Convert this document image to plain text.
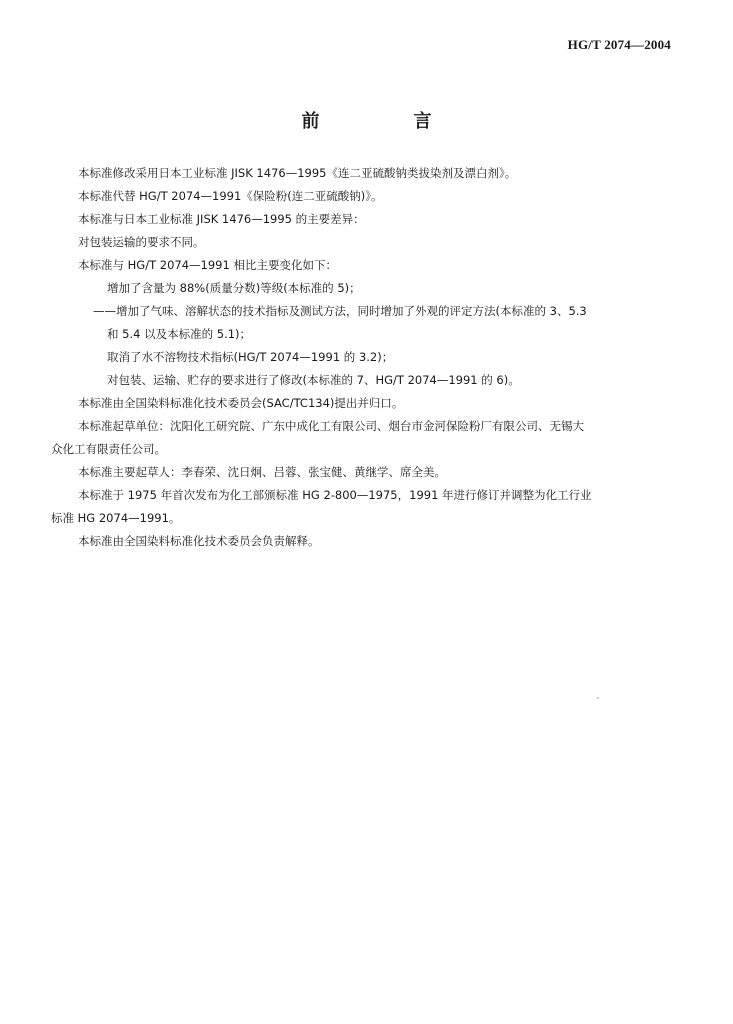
HG/T 2074—2004
前　言
本标准修改采用日本工业标准 JISK 1476—1995《连二亚硫酸钠类拔染剂及漂白剂》。
本标准代替 HG/T 2074—1991《保险粉(连二亚硫酸钠)》。
本标准与日本工业标准 JISK 1476—1995 的主要差异：
对包装运输的要求不同。
本标准与 HG/T 2074—1991 相比主要变化如下：
增加了含量为 88%(质量分数)等级(本标准的 5)；
——增加了气味、溶解状态的技术指标及测试方法，同时增加了外观的评定方法(本标准的 3、5.3
和 5.4 以及本标准的 5.1)；
取消了水不溶物技术指标(HG/T 2074—1991 的 3.2)；
对包装、运输、贮存的要求进行了修改(本标准的 7、HG/T 2074—1991 的 6)。
本标准由全国染料标准化技术委员会(SAC/TC134)提出并归口。
本标准起草单位：沈阳化工研究院、广东中成化工有限公司、烟台市金河保险粉厂有限公司、无锡大
众化工有限责任公司。
本标准主要起草人：李春荣、沈日炯、吕蓉、张宝健、黄继学、席全美。
本标准于 1975 年首次发布为化工部颁标准 HG 2-800—1975，1991 年进行修订并调整为化工行业
标准 HG 2074—1991。
本标准由全国染料标准化技术委员会负责解释。
